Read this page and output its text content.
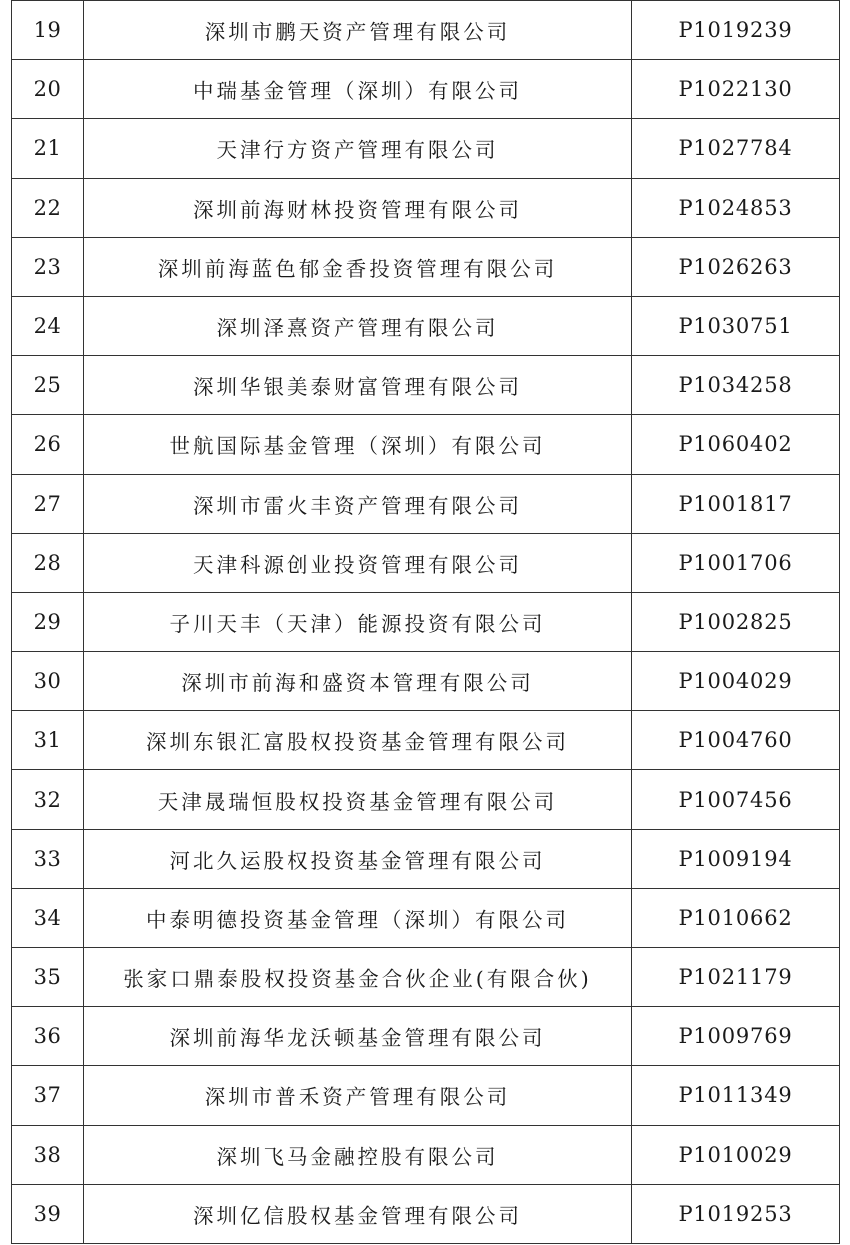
19	深圳市鹏天资产管理有限公司	P1019239
20	中瑞基金管理（深圳）有限公司	P1022130
21	天津行方资产管理有限公司	P1027784
22	深圳前海财林投资管理有限公司	P1024853
23	深圳前海蓝色郁金香投资管理有限公司	P1026263
24	深圳泽熹资产管理有限公司	P1030751
25	深圳华银美泰财富管理有限公司	P1034258
26	世航国际基金管理（深圳）有限公司	P1060402
27	深圳市雷火丰资产管理有限公司	P1001817
28	天津科源创业投资管理有限公司	P1001706
29	子川天丰（天津）能源投资有限公司	P1002825
30	深圳市前海和盛资本管理有限公司	P1004029
31	深圳东银汇富股权投资基金管理有限公司	P1004760
32	天津晟瑞恒股权投资基金管理有限公司	P1007456
33	河北久运股权投资基金管理有限公司	P1009194
34	中泰明德投资基金管理（深圳）有限公司	P1010662
35	张家口鼎泰股权投资基金合伙企业(有限合伙)	P1021179
36	深圳前海华龙沃顿基金管理有限公司	P1009769
37	深圳市普禾资产管理有限公司	P1011349
38	深圳飞马金融控股有限公司	P1010029
39	深圳亿信股权基金管理有限公司	P1019253
